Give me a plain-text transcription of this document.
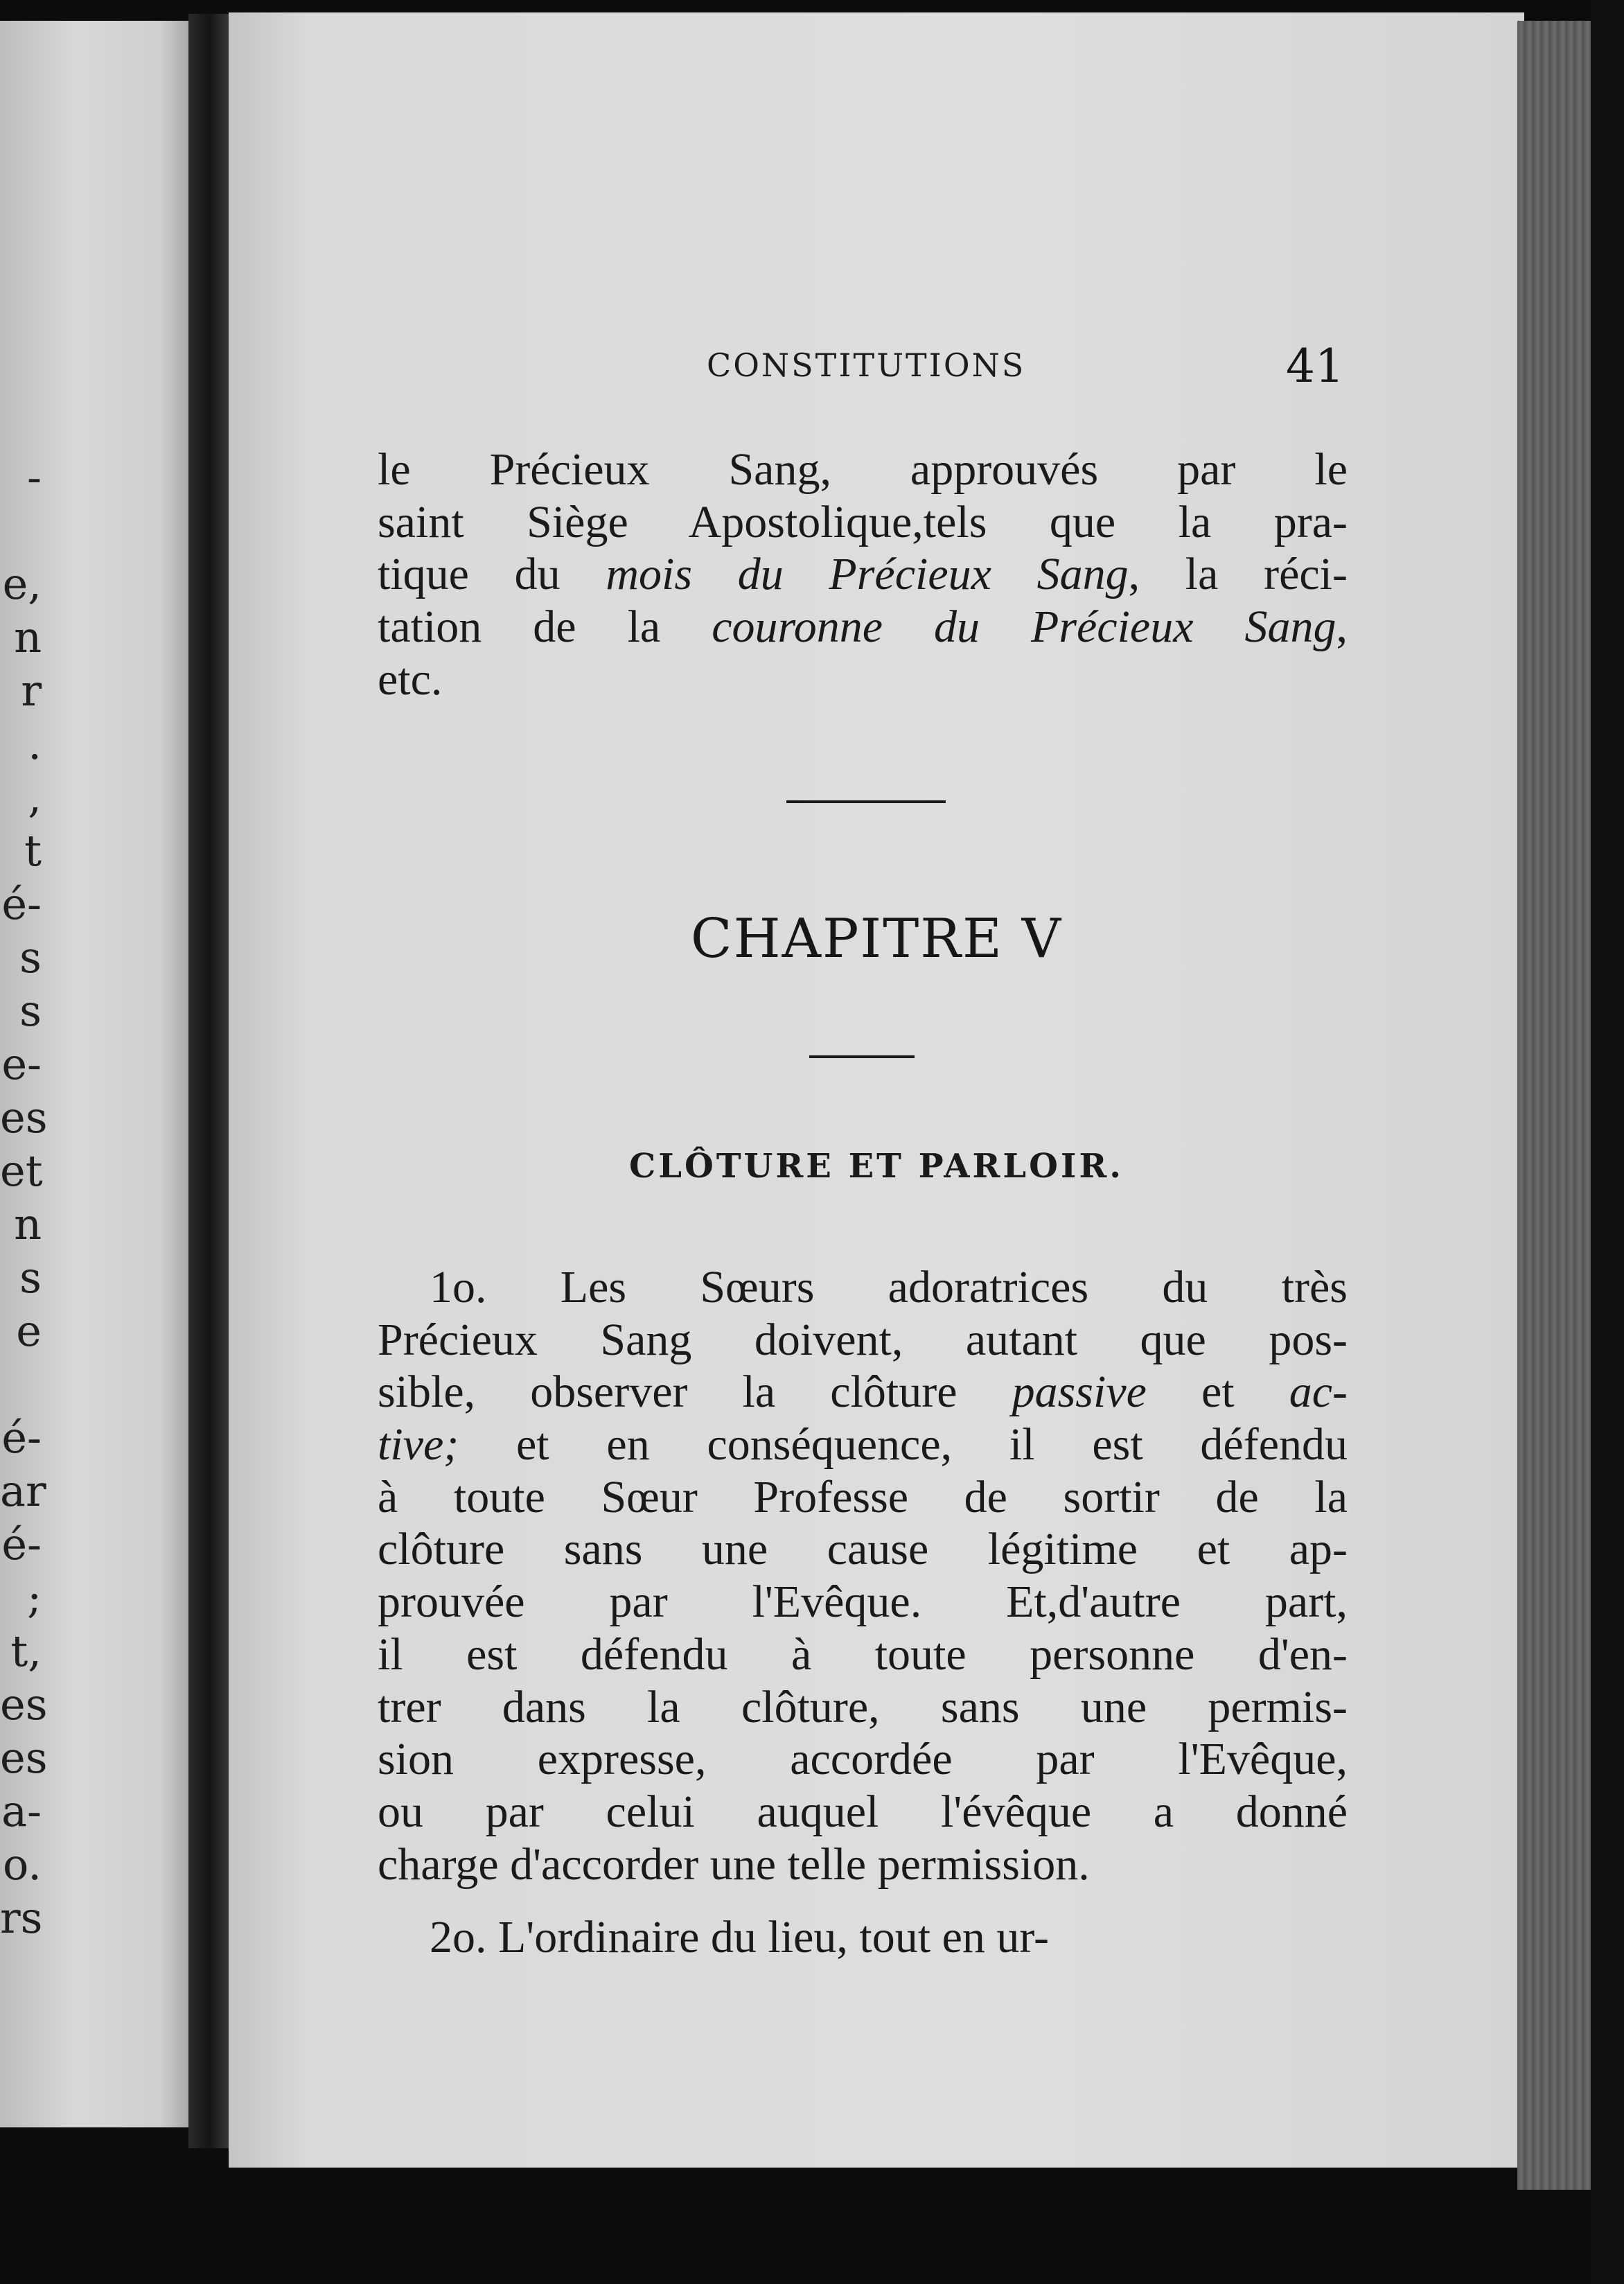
-
e,
n
r
.
,
t
é-
s
s
e-
es
et
n
s
e
é-
ar
é-
;
t,
es
es
a-
o.
rs
CONSTITUTIONS	41
le Précieux Sang, approuvés par le
saint Siège Apostolique,tels que la pra-
tique du mois du Précieux Sang, la réci-
tation de la couronne du Précieux Sang,
etc.
CHAPITRE V
CLÔTURE ET PARLOIR.
1o. Les Sœurs adoratrices du très
Précieux Sang doivent, autant que pos-
sible, observer la clôture passive et ac-
tive; et en conséquence, il est défendu
à toute Sœur Professe de sortir de la
clôture sans une cause légitime et ap-
prouvée par l'Evêque. Et,d'autre part,
il est défendu à toute personne d'en-
trer dans la clôture, sans une permis-
sion expresse, accordée par l'Evêque,
ou par celui auquel l'évêque a donné
charge d'accorder une telle permission.
2o. L'ordinaire du lieu, tout en ur-
